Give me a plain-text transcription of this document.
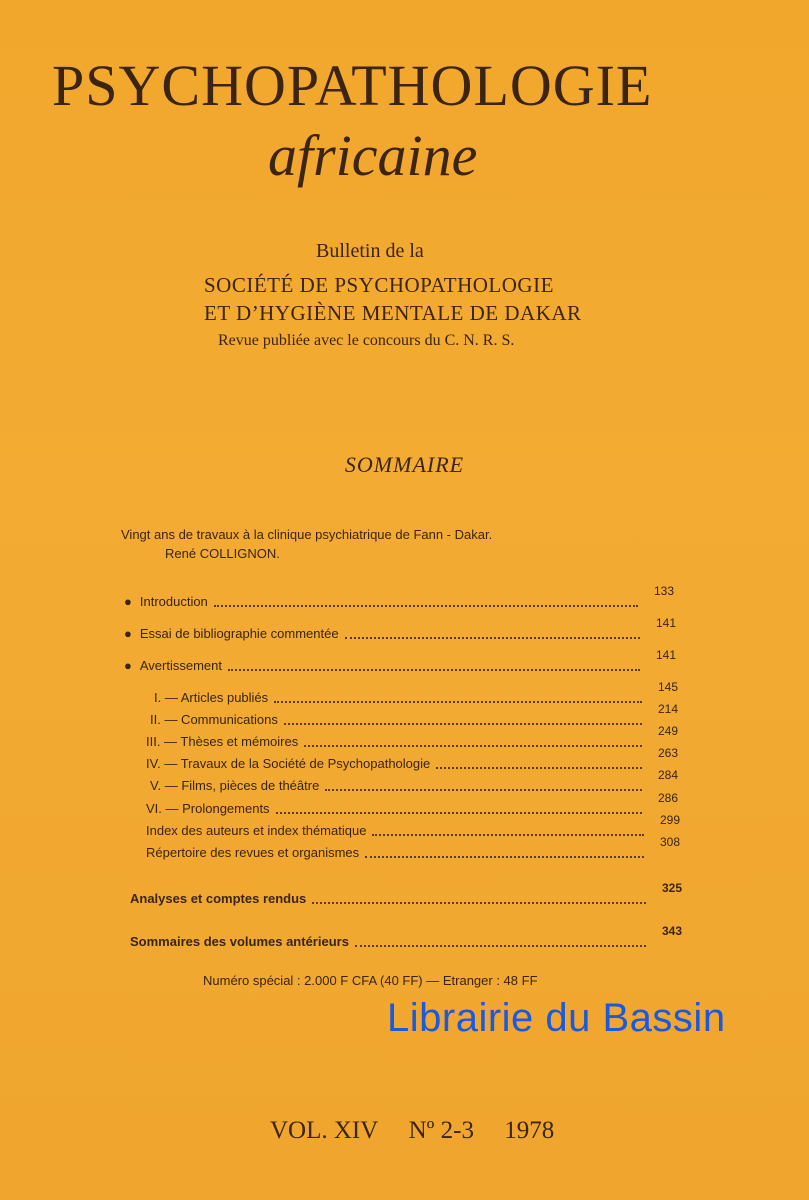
PSYCHOPATHOLOGIE
africaine
Bulletin de la
SOCIÉTÉ DE PSYCHOPATHOLOGIE
ET D’HYGIÈNE MENTALE DE DAKAR
Revue publiée avec le concours du C. N. R. S.
SOMMAIRE
Vingt ans de travaux à la clinique psychiatrique de Fann - Dakar.
René COLLIGNON.
● Introduction
133
● Essai de bibliographie commentée
141
● Avertissement
141
I. — Articles publiés
145
II. — Communications
214
III. — Thèses et mémoires
249
IV. — Travaux de la Société de Psychopathologie
263
V. — Films, pièces de théâtre
284
VI. — Prolongements
286
Index des auteurs et index thématique
299
Répertoire des revues et organismes
308
Analyses et comptes rendus
325
Sommaires des volumes antérieurs
343
Numéro spécial : 2.000 F CFA (40 FF) — Etranger : 48 FF
Librairie du Bassin
VOL. XIV Nº 2-3 1978
